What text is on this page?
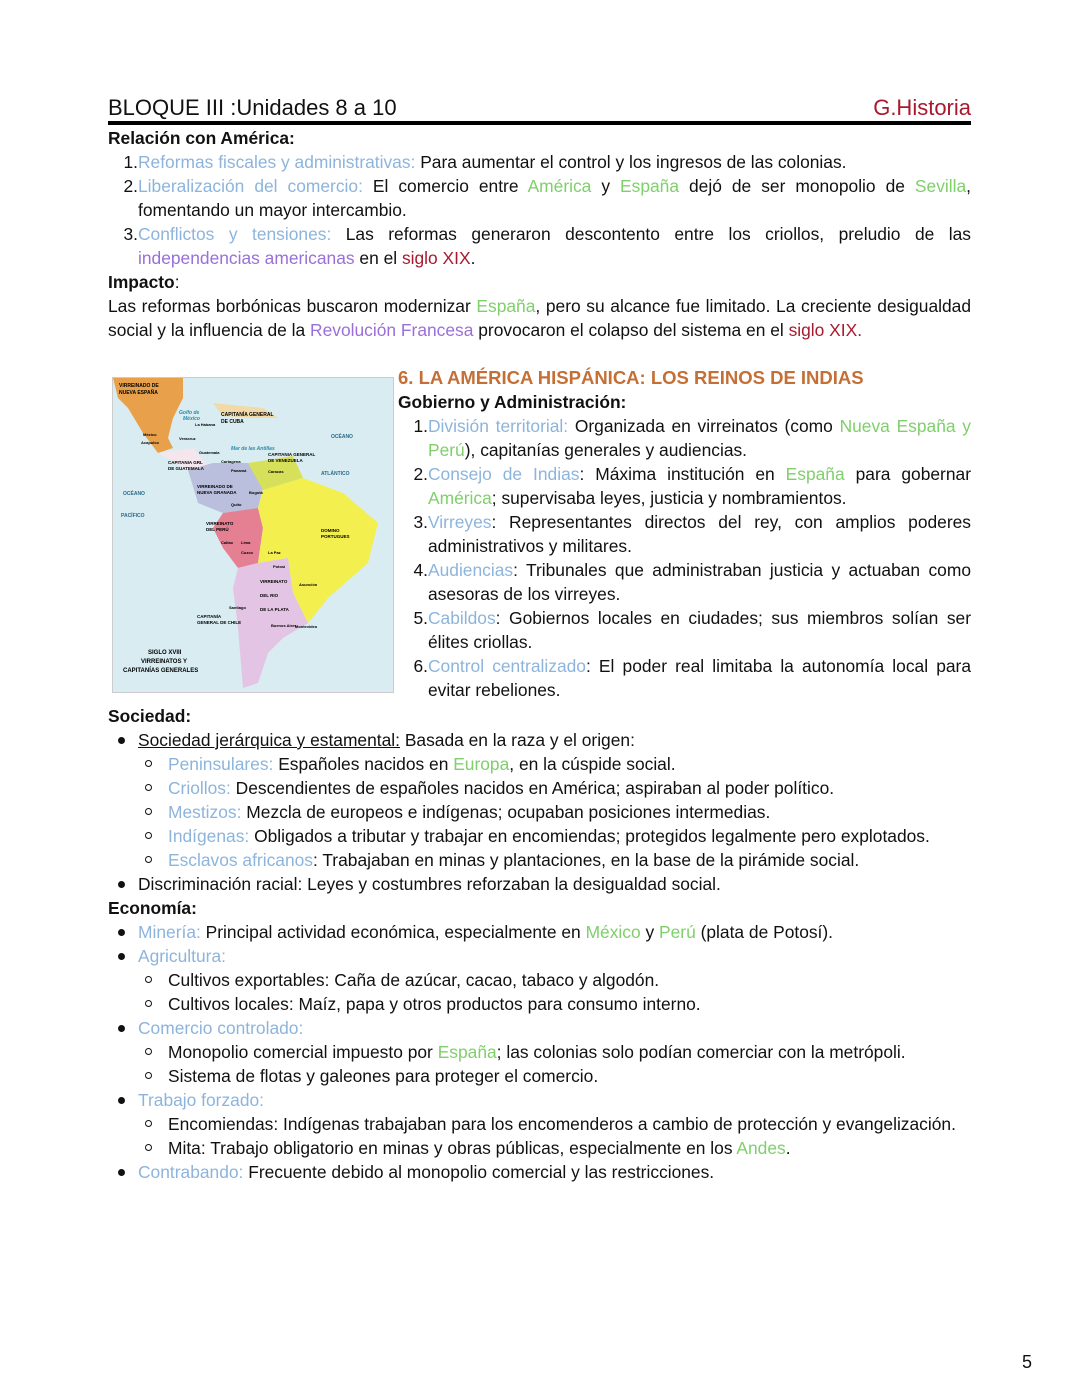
BLOQUE III :Unidades 8 a 10	G.Historia
Relación con América:
1. Reformas fiscales y administrativas: Para aumentar el control y los ingresos de las colonias.
2. Liberalización del comercio: El comercio entre América y España dejó de ser monopolio de Sevilla, fomentando un mayor intercambio.
3. Conflictos y tensiones: Las reformas generaron descontento entre los criollos, preludio de las independencias americanas en el siglo XIX.
Impacto:
Las reformas borbónicas buscaron modernizar España, pero su alcance fue limitado. La creciente desigualdad social y la influencia de la Revolución Francesa provocaron el colapso del sistema en el siglo XIX.
VIRREINADO DE
NUEVA ESPAÑA
CAPITANÍA GENERAL
DE CUBA
Golfo de
México
Mar de las Antillas
OCÉANO
ATLÁNTICO
OCÉANO
PACÍFICO
CAPITANIA GRL
DE GUATEMALA
CAPITANIA GENERAL
DE VENEZUELA
VIRREINADO DE
NUEVA GRANADA
VIRREINATO
DEL PERÚ	DOMINO
PORTUGUES
VIRREINATO
DEL RIO
DE LA PLATA
CAPITANÍA
GENERAL DE CHILE
México
Acapulco
Veracruz
La Habana
Guatemala
Cartagena
Panamá	Caracas
Bogotá
Quito
Callao Lima
Cuzco	La Paz
Potosí
Asunción
Santiago
Buenos Aires
Montevideo
SIGLO XVIII
VIRREINATOS Y
CAPITANÍAS GENERALES
6. LA AMÉRICA HISPÁNICA: LOS REINOS DE INDIAS
Gobierno y Administración:
1. División territorial: Organizada en virreinatos (como Nueva España y Perú), capitanías generales y audiencias.
2. Consejo de Indias: Máxima institución en España para gobernar América; supervisaba leyes, justicia y nombramientos.
3. Virreyes: Representantes directos del rey, con amplios poderes administrativos y militares.
4. Audiencias: Tribunales que administraban justicia y actuaban como asesoras de los virreyes.
5. Cabildos: Gobiernos locales en ciudades; sus miembros solían ser élites criollas.
6. Control centralizado: El poder real limitaba la autonomía local para evitar rebeliones.
Sociedad:
Sociedad jerárquica y estamental: Basada en la raza y el origen:
Peninsulares: Españoles nacidos en Europa, en la cúspide social.
Criollos: Descendientes de españoles nacidos en América; aspiraban al poder político.
Mestizos: Mezcla de europeos e indígenas; ocupaban posiciones intermedias.
Indígenas: Obligados a tributar y trabajar en encomiendas; protegidos legalmente pero explotados.
Esclavos africanos: Trabajaban en minas y plantaciones, en la base de la pirámide social.
Discriminación racial: Leyes y costumbres reforzaban la desigualdad social.
Economía:
Minería: Principal actividad económica, especialmente en México y Perú (plata de Potosí).
Agricultura:
Cultivos exportables: Caña de azúcar, cacao, tabaco y algodón.
Cultivos locales: Maíz, papa y otros productos para consumo interno.
Comercio controlado:
Monopolio comercial impuesto por España; las colonias solo podían comerciar con la metrópoli.
Sistema de flotas y galeones para proteger el comercio.
Trabajo forzado:
Encomiendas: Indígenas trabajaban para los encomenderos a cambio de protección y evangelización.
Mita: Trabajo obligatorio en minas y obras públicas, especialmente en los Andes.
Contrabando: Frecuente debido al monopolio comercial y las restricciones.
5
